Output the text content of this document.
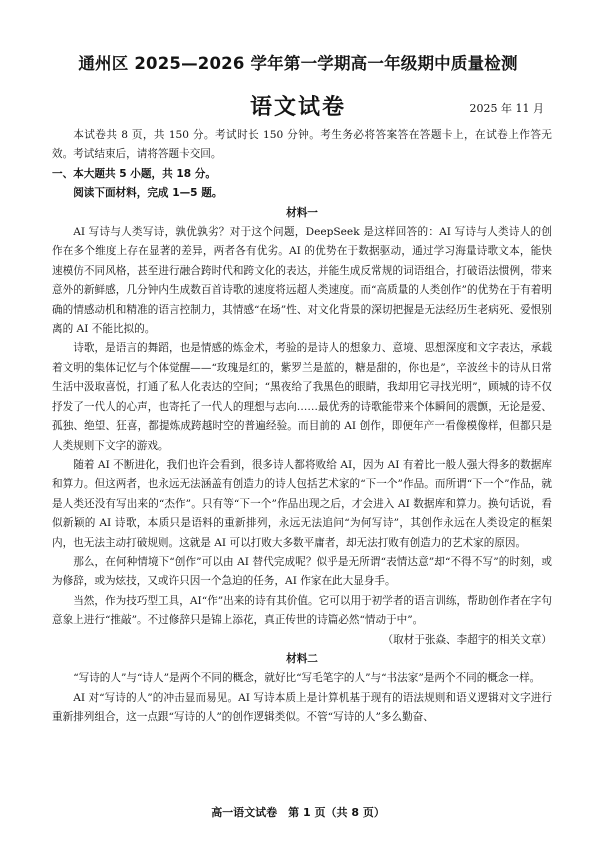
通州区 2025—2026 学年第一学期高一年级期中质量检测
语文试卷	2025 年 11 月

本试卷共 8 页，共 150 分。考试时长 150 分钟。考生务必将答案答在答题卡上，在试卷上作答无效。考试结束后，请将答题卡交回。

一、本大题共 5 小题，共 18 分。

阅读下面材料，完成 1—5 题。

材料一

AI 写诗与人类写诗，孰优孰劣？对于这个问题，DeepSeek 是这样回答的：AI 写诗与人类诗人的创作在多个维度上存在显著的差异，两者各有优劣。AI 的优势在于数据驱动，通过学习海量诗歌文本，能快速模仿不同风格，甚至进行融合跨时代和跨文化的表达，并能生成反常规的词语组合，打破语法惯例，带来意外的新鲜感，几分钟内生成数百首诗歌的速度将远超人类速度。而“高质量的人类创作”的优势在于有着明确的情感动机和精准的语言控制力，其情感“在场”性、对文化背景的深切把握是无法经历生老病死、爱恨别离的 AI 不能比拟的。

诗歌，是语言的舞蹈，也是情感的炼金术，考验的是诗人的想象力、意境、思想深度和文字表达，承载着文明的集体记忆与个体觉醒——“玫瑰是红的，紫罗兰是蓝的，糖是甜的，你也是”，辛波丝卡的诗从日常生活中汲取喜悦，打通了私人化表达的空间；“黑夜给了我黑色的眼睛，我却用它寻找光明”，顾城的诗不仅抒发了一代人的心声，也寄托了一代人的理想与志向……最优秀的诗歌能带来个体瞬间的震颤，无论是爱、孤独、绝望、狂喜，都提炼成跨越时空的普遍经验。而目前的 AI 创作，即便年产一看像模像样，但都只是人类规则下文字的游戏。

随着 AI 不断进化，我们也许会看到，很多诗人都将败给 AI，因为 AI 有着比一般人强大得多的数据库和算力。但这两者，也永远无法涵盖有创造力的诗人包括艺术家的“下一个”作品。而所谓“下一个”作品，就是人类还没有写出来的“杰作”。只有等“下一个”作品出现之后，才会进入 AI 数据库和算力。换句话说，看似新颖的 AI 诗歌，本质只是语料的重新排列，永远无法追问“为何写诗”，其创作永远在人类设定的框架内，也无法主动打破规则。这就是 AI 可以打败大多数平庸者，却无法打败有创造力的艺术家的原因。

那么，在何种情境下“创作”可以由 AI 替代完成呢？似乎是无所谓“表情达意”却“不得不写”的时刻，或为修辞，或为炫技，又或许只因一个急迫的任务，AI 作家在此大显身手。

当然，作为技巧型工具，AI“作”出来的诗有其价值。它可以用于初学者的语言训练，帮助创作者在字句意象上进行“推敲”。不过修辞只是锦上添花，真正传世的诗篇必然“情动于中”。

（取材于张焱、李超宇的相关文章）

材料二

“写诗的人”与“诗人”是两个不同的概念，就好比“写毛笔字的人”与“书法家”是两个不同的概念一样。

AI 对“写诗的人”的冲击显而易见。AI 写诗本质上是计算机基于现有的语法规则和语义逻辑对文字进行重新排列组合，这一点跟“写诗的人”的创作逻辑类似。不管“写诗的人”多么勤奋、

高一语文试卷　第 1 页（共 8 页）
